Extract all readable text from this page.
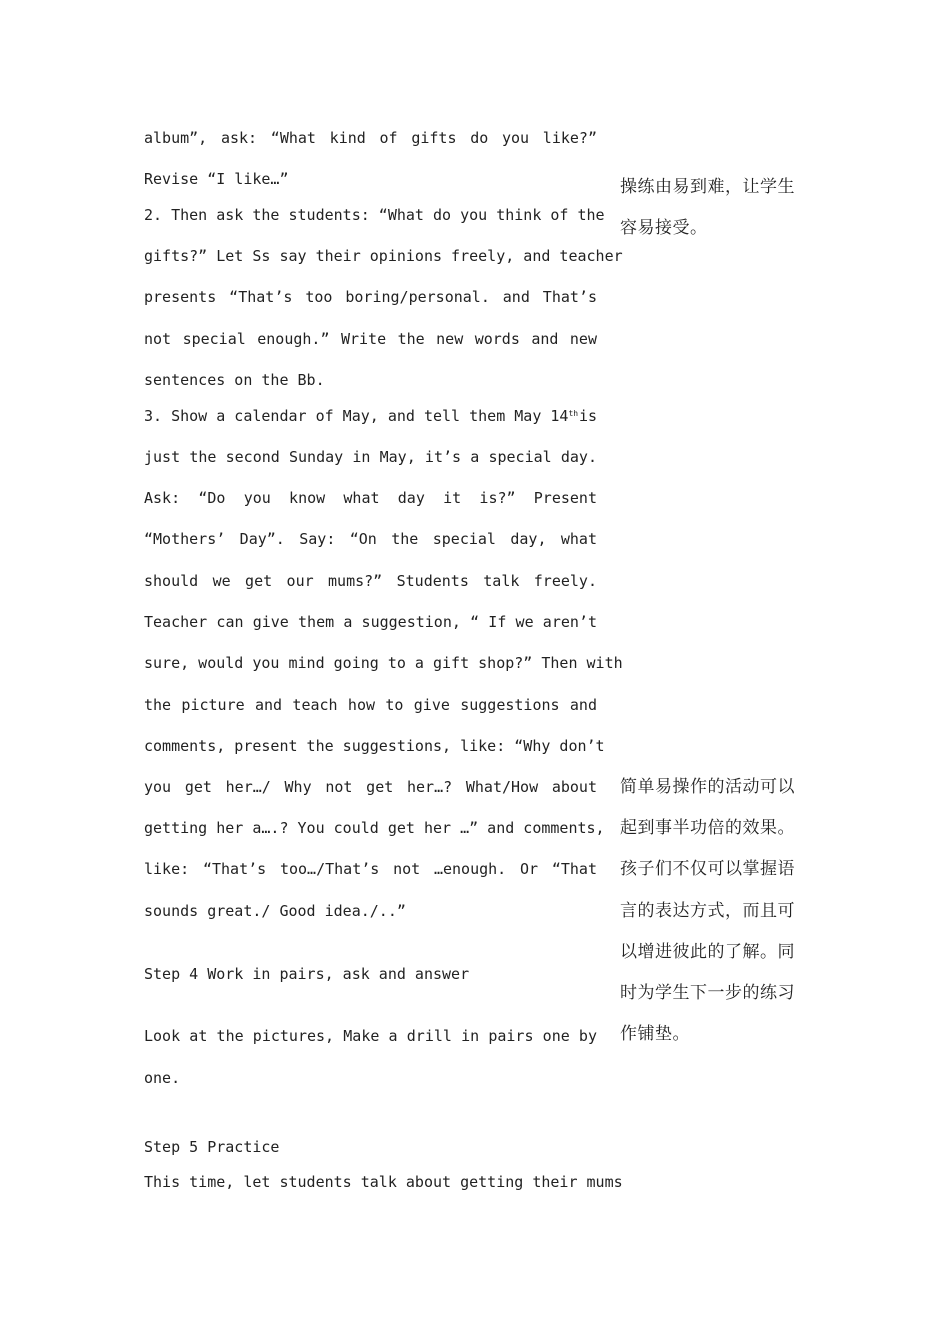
album”, ask: “What kind of gifts do you like?”
Revise “I like…”
2. Then ask the students: “What do you think of the
gifts?” Let Ss say their opinions freely, and teacher
presents “That’s too boring/personal. and That’s
not special enough.” Write the new words and new
sentences on the Bb.
3. Show a calendar of May, and tell them May 14th is
just the second Sunday in May, it’s a special day.
Ask: “Do you know what day it is?” Present
“Mothers’ Day”. Say: “On the special day, what
should we get our mums?” Students talk freely.
Teacher can give them a suggestion, “ If we aren’t
sure, would you mind going to a gift shop?” Then with
the picture and teach how to give suggestions and
comments, present the suggestions, like: “Why don’t
you get her…/ Why not get her…? What/How about
getting her a….? You could get her …” and comments,
like: “That’s too…/That’s not …enough. Or “That
sounds great./ Good idea./..”
Step 4 Work in pairs, ask and answer
Look at the pictures, Make a drill in pairs one by
one.
Step 5 Practice
This time, let students talk about getting their mums
操练由易到难，让学生
容易接受。
简单易操作的活动可以
起到事半功倍的效果。
孩子们不仅可以掌握语
言的表达方式，而且可
以增进彼此的了解。同
时为学生下一步的练习
作铺垫。
